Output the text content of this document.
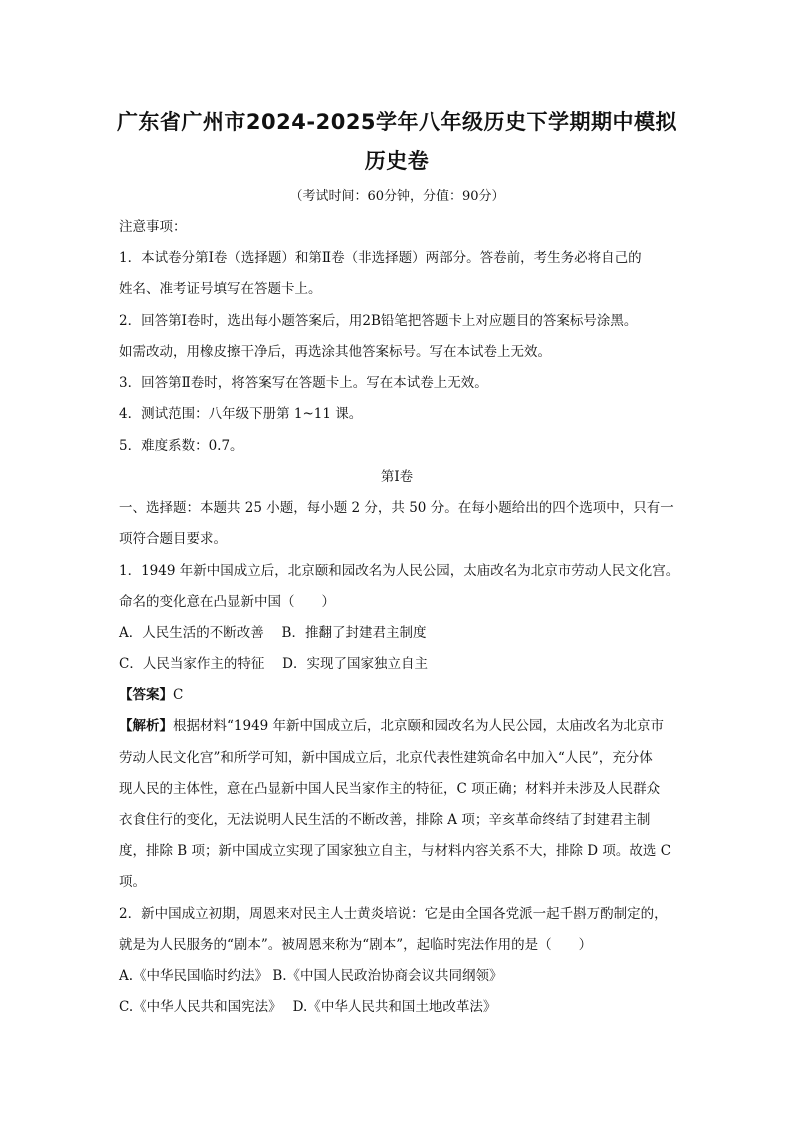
广东省广州市2024-2025学年八年级历史下学期期中模拟
历史卷
（考试时间：60分钟，分值：90分）
注意事项：
1．本试卷分第Ⅰ卷（选择题）和第Ⅱ卷（非选择题）两部分。答卷前，考生务必将自己的
姓名、准考证号填写在答题卡上。
2．回答第Ⅰ卷时，选出每小题答案后，用2B铅笔把答题卡上对应题目的答案标号涂黑。
如需改动，用橡皮擦干净后，再选涂其他答案标号。写在本试卷上无效。
3．回答第Ⅱ卷时，将答案写在答题卡上。写在本试卷上无效。
4．测试范围：八年级下册第 1~11 课。
5．难度系数：0.7。
第Ⅰ卷
一、选择题：本题共 25 小题，每小题 2 分，共 50 分。在每小题给出的四个选项中，只有一
项符合题目要求。
1．1949 年新中国成立后，北京颐和园改名为人民公园，太庙改名为北京市劳动人民文化宫。
命名的变化意在凸显新中国（　　）
A．人民生活的不断改善　 B．推翻了封建君主制度
C．人民当家作主的特征　 D．实现了国家独立自主
【答案】C
【解析】根据材料“1949 年新中国成立后，北京颐和园改名为人民公园，太庙改名为北京市
劳动人民文化宫”和所学可知，新中国成立后，北京代表性建筑命名中加入“人民”，充分体
现人民的主体性，意在凸显新中国人民当家作主的特征，C 项正确；材料并未涉及人民群众
衣食住行的变化，无法说明人民生活的不断改善，排除 A 项；辛亥革命终结了封建君主制
度，排除 B 项；新中国成立实现了国家独立自主，与材料内容关系不大，排除 D 项。故选 C
项。
2．新中国成立初期，周恩来对民主人士黄炎培说：它是由全国各党派一起千斟万酌制定的，
就是为人民服务的“剧本”。被周恩来称为“剧本”，起临时宪法作用的是（　　）
A.《中华民国临时约法》 B.《中国人民政治协商会议共同纲领》
C.《中华人民共和国宪法》　 D.《中华人民共和国土地改革法》
